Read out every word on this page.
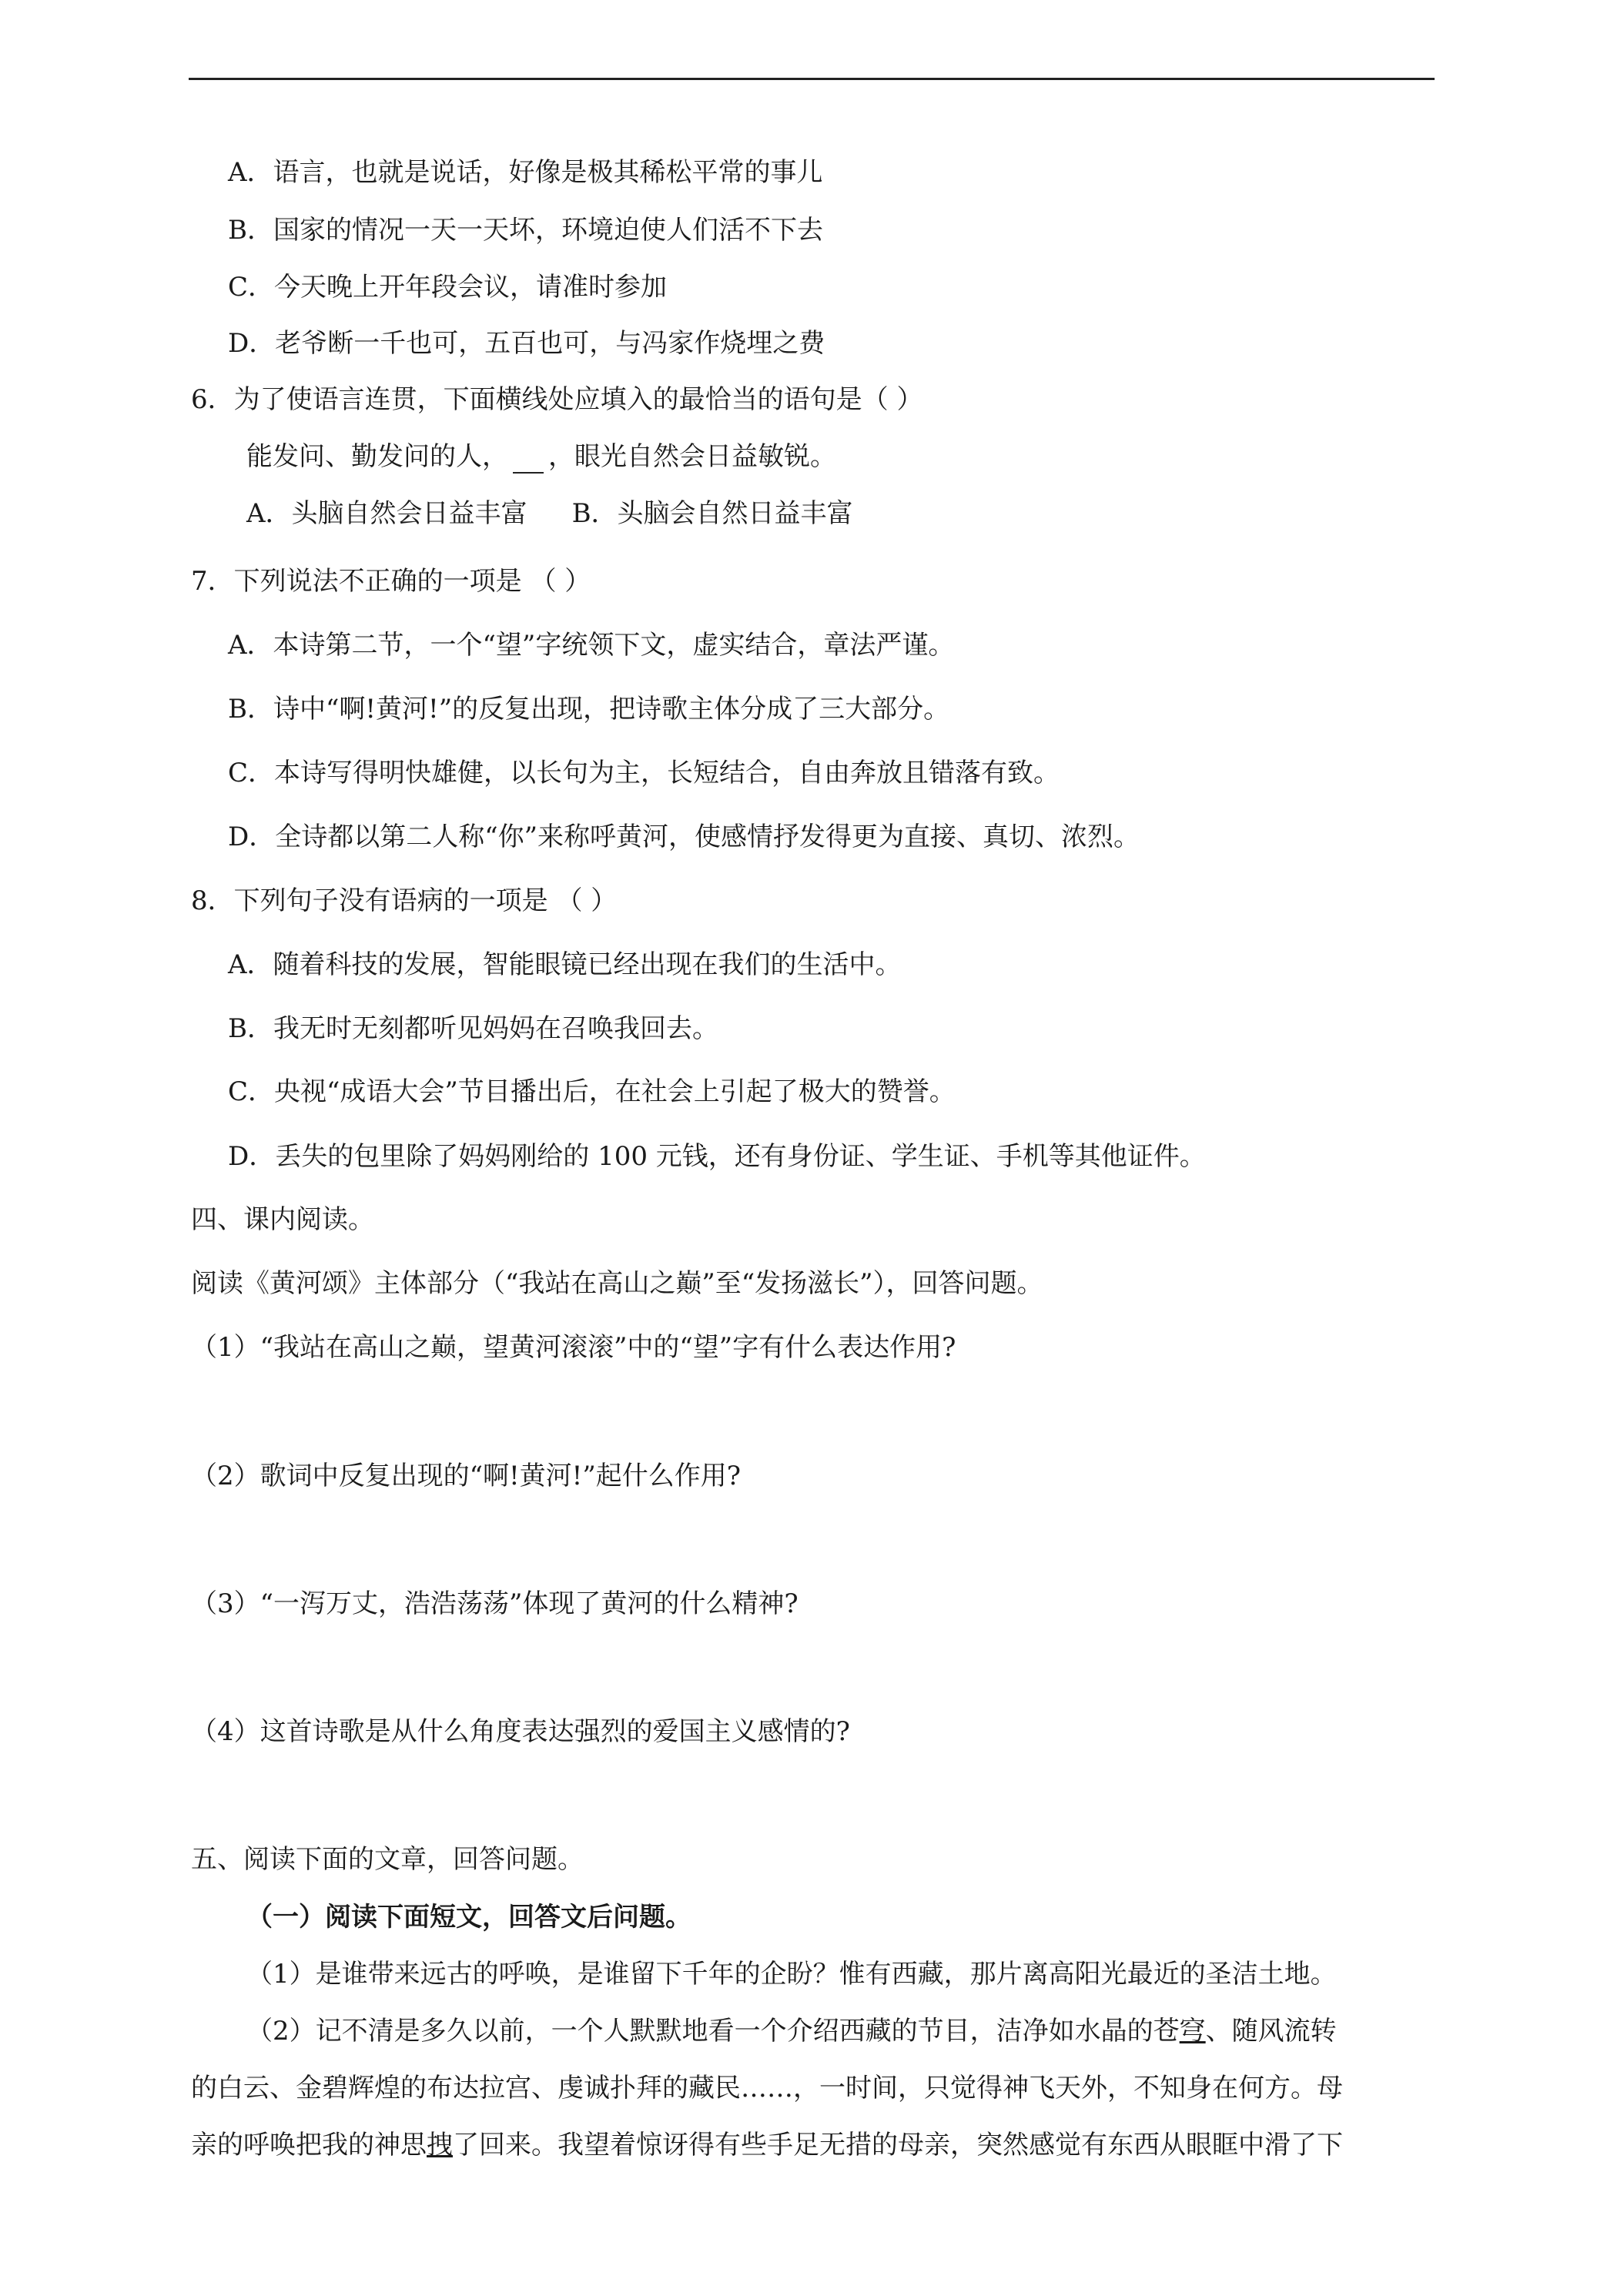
A．语言，也就是说话，好像是极其稀松平常的事儿
B．国家的情况一天一天坏，环境迫使人们活不下去
C．今天晚上开年段会议，请准时参加
D．老爷断一千也可，五百也可，与冯家作烧埋之费
6．为了使语言连贯，下面横线处应填入的最恰当的语句是（ ）
能发问、勤发问的人， ，眼光自然会日益敏锐。
A．头脑自然会日益丰富 B．头脑会自然日益丰富
7．下列说法不正确的一项是 （ ）
A．本诗第二节，一个“望”字统领下文，虚实结合，章法严谨。
B．诗中“啊!黄河!”的反复出现，把诗歌主体分成了三大部分。
C．本诗写得明快雄健，以长句为主，长短结合，自由奔放且错落有致。
D．全诗都以第二人称“你”来称呼黄河，使感情抒发得更为直接、真切、浓烈。
8．下列句子没有语病的一项是 （ ）
A．随着科技的发展，智能眼镜已经出现在我们的生活中。
B．我无时无刻都听见妈妈在召唤我回去。
C．央视“成语大会”节目播出后，在社会上引起了极大的赞誉。
D．丢失的包里除了妈妈刚给的 100 元钱，还有身份证、学生证、手机等其他证件。
四、课内阅读。
阅读《黄河颂》主体部分（“我站在高山之巅”至“发扬滋长”），回答问题。
（1）“我站在高山之巅，望黄河滚滚”中的“望”字有什么表达作用?
（2）歌词中反复出现的“啊!黄河!”起什么作用?
（3）“一泻万丈，浩浩荡荡”体现了黄河的什么精神?
（4）这首诗歌是从什么角度表达强烈的爱国主义感情的?
五、阅读下面的文章，回答问题。
（一）阅读下面短文，回答文后问题。
（1）是谁带来远古的呼唤，是谁留下千年的企盼？惟有西藏，那片离高阳光最近的圣洁土地。
（2）记不清是多久以前，一个人默默地看一个介绍西藏的节目，洁净如水晶的苍穹、随风流转
的白云、金碧辉煌的布达拉宫、虔诚扑拜的藏民……，一时间，只觉得神飞天外，不知身在何方。母
亲的呼唤把我的神思拽了回来。我望着惊讶得有些手足无措的母亲，突然感觉有东西从眼眶中滑了下
